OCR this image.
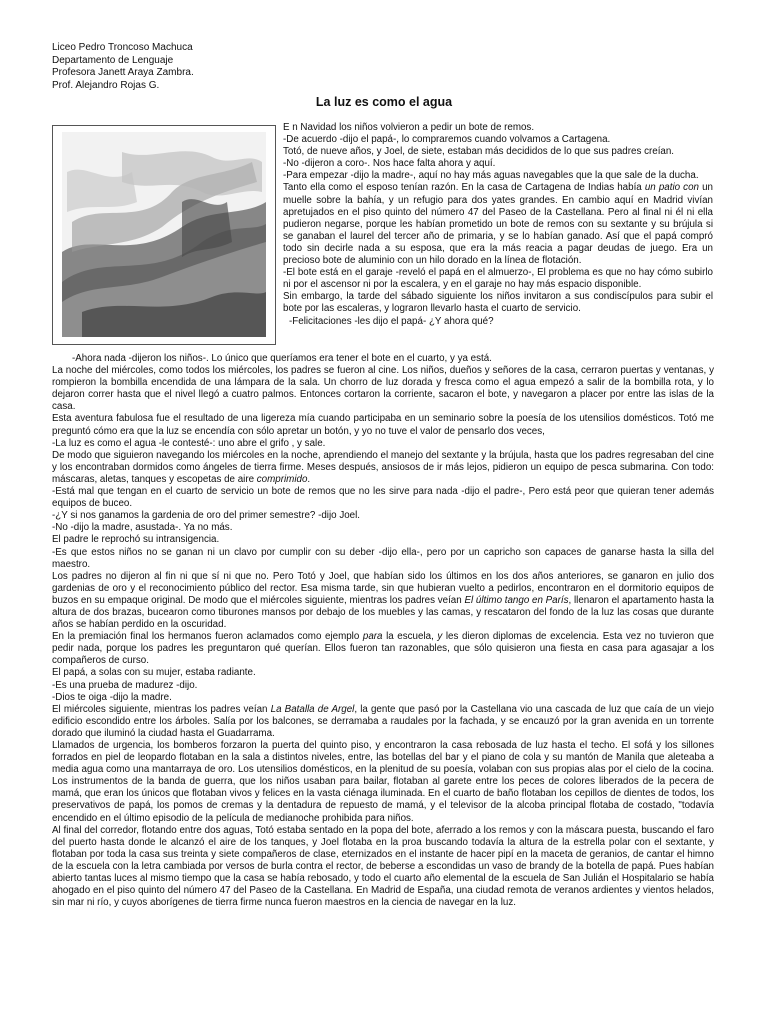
Liceo Pedro Troncoso Machuca
Departamento de Lenguaje
Profesora Janett Araya Zambra.
Prof. Alejandro Rojas G.
La luz es como el agua

E n Navidad los niños volvieron a pedir un bote de remos.

-De acuerdo -dijo el papá-, lo compraremos cuando volvamos a Cartagena.

Totó, de nueve años, y Joel, de siete, estaban más decididos de lo que sus padres creían.

-No -dijeron a coro-. Nos hace falta ahora y aquí.

-Para empezar -dijo la madre-, aquí no hay más aguas navegables que la que sale de la ducha.

Tanto ella como el esposo tenían razón. En la casa de Cartagena de Indias había un patio con un muelle sobre la bahía, y un refugio para dos yates grandes. En cambio aquí en Madrid vivían apretujados en el piso quinto del número 47 del Paseo de la Castellana. Pero al final ni él ni ella pudieron negarse, porque les habían prometido un bote de remos con su sextante y su brújula si se ganaban el laurel del tercer año de primaria, y se lo habían ganado. Así que el papá compró todo sin decirle nada a su esposa, que era la más reacia a pagar deudas de juego. Era un precioso bote de aluminio con un hilo dorado en la línea de flotación.

-El bote está en el garaje -reveló el papá en el almuerzo-, El problema es que no hay cómo subirlo ni por el ascensor ni por la escalera, y en el garaje no hay más espacio disponible.

Sin embargo, la tarde del sábado siguiente los niños invitaron a sus condiscípulos para subir el bote por las escaleras, y lograron llevarlo hasta el cuarto de servicio.

-Felicitaciones -les dijo el papá- ¿Y ahora qué?

-Ahora nada -dijeron los niños-. Lo único que queríamos era tener el bote en el cuarto, y ya está.

La noche del miércoles, como todos los miércoles, los padres se fueron al cine. Los niños, dueños y señores de la casa, cerraron puertas y ventanas, y rompieron la bombilla encendida de una lámpara de la sala. Un chorro de luz dorada y fresca como el agua empezó a salir de la bombilla rota, y lo dejaron correr hasta que el nivel llegó a cuatro palmos. Entonces cortaron la corriente, sacaron el bote, y navegaron a placer por entre las islas de la casa.

Esta aventura fabulosa fue el resultado de una ligereza mía cuando participaba en un seminario sobre la poesía de los utensilios domésticos. Totó me preguntó cómo era que la luz se encendía con sólo apretar un botón, y yo no tuve el valor de pensarlo dos veces,

-La luz es como el agua -le contesté-: uno abre el grifo , y sale.

De modo que siguieron navegando los miércoles en la noche, aprendiendo el manejo del sextante y la brújula, hasta que los padres regresaban del cine y los encontraban dormidos como ángeles de tierra firme. Meses después, ansiosos de ir más lejos, pidieron un equipo de pesca submarina. Con todo: máscaras, aletas, tanques y escopetas de aire comprimido.

-Está mal que tengan en el cuarto de servicio un bote de remos que no les sirve para nada -dijo el padre-, Pero está peor que quieran tener además equipos de buceo.

-¿Y si nos ganamos la gardenia de oro del primer semestre? -dijo Joel.

-No -dijo la madre, asustada-. Ya no más.

El padre le reprochó su intransigencia.

-Es que estos niños no se ganan ni un clavo por cumplir con su deber -dijo ella-, pero por un capricho son capaces de ganarse hasta la silla del maestro.

Los padres no dijeron al fin ni que sí ni que no. Pero Totó y Joel, que habían sido los últimos en los dos años anteriores, se ganaron en julio dos gardenias de oro y el reconocimiento público del rector. Esa misma tarde, sin que hubieran vuelto a pedirlos, encontraron en el dormitorio equipos de buzos en su empaque original. De modo que el miércoles siguiente, mientras los padres veían El último tango en París, llenaron el apartamento hasta la altura de dos brazas, bucearon como tiburones mansos por debajo de los muebles y las camas, y rescataron del fondo de la luz las cosas que durante años se habían perdido en la oscuridad.

En la premiación final los hermanos fueron aclamados como ejemplo para la escuela, y les dieron diplomas de excelencia. Esta vez no tuvieron que pedir nada, porque los padres les preguntaron qué querían. Ellos fueron tan razonables, que sólo quisieron una fiesta en casa para agasajar a los compañeros de curso.

El papá, a solas con su mujer, estaba radiante.

-Es una prueba de madurez -dijo.

-Dios te oiga -dijo la madre.

El miércoles siguiente, mientras los padres veían La Batalla de Argel, la gente que pasó por la Castellana vio una cascada de luz que caía de un viejo edificio escondido entre los árboles. Salía por los balcones, se derramaba a raudales por la fachada, y se encauzó por la gran avenida en un torrente dorado que iluminó la ciudad hasta el Guadarrama.

Llamados de urgencia, los bomberos forzaron la puerta del quinto piso, y encontraron la casa rebosada de luz hasta el techo. El sofá y los sillones forrados en piel de leopardo flotaban en la sala a distintos niveles, entre, las botellas del bar y el piano de cola y su mantón de Manila que aleteaba a media agua como una mantarraya de oro. Los utensilios domésticos, en la plenitud de su poesía, volaban con sus propias alas por el cielo de la cocina. Los instrumentos de la banda de guerra, que los niños usaban para bailar, flotaban al garete entre los peces de colores liberados de la pecera de mamá, que eran los únicos que flotaban vivos y felices en la vasta ciénaga iluminada. En el cuarto de baño flotaban los cepillos de dientes de todos, los preservativos de papá, los pomos de cremas y la dentadura de repuesto de mamá, y el televisor de la alcoba principal flotaba de costado, "todavía encendido en el último episodio de la película de medianoche prohibida para niños.

Al final del corredor, flotando entre dos aguas, Totó estaba sentado en la popa del bote, aferrado a los remos y con la máscara puesta, buscando el faro del puerto hasta donde le alcanzó el aire de los tanques, y Joel flotaba en la proa buscando todavía la altura de la estrella polar con el sextante, y flotaban por toda la casa sus treinta y siete compañeros de clase, eternizados en el instante de hacer pipí en la maceta de geranios, de cantar el himno de la escuela con la letra cambiada por versos de burla contra el rector, de beberse a escondidas un vaso de brandy de la botella de papá. Pues habían abierto tantas luces al mismo tiempo que la casa se había rebosado, y todo el cuarto año elemental de la escuela de San Julián el Hospitalario se había ahogado en el piso quinto del número 47 del Paseo de la Castellana. En Madrid de España, una ciudad remota de veranos ardientes y vientos helados, sin mar ni río, y cuyos aborígenes de tierra firme nunca fueron maestros en la ciencia de navegar en la luz.
